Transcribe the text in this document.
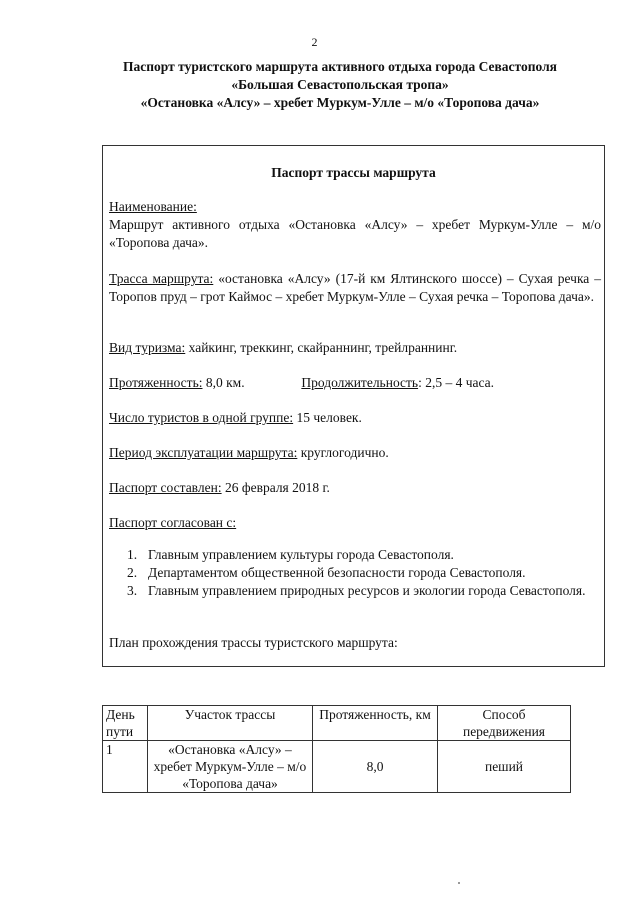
2
Паспорт туристского маршрута активного отдыха города Севастополя
«Большая Севастопольская тропа»
«Остановка «Алсу» – хребет Муркум-Улле – м/о «Торопова дача»
Паспорт трассы маршрута
Наименование:
Маршрут активного отдыха «Остановка «Алсу» – хребет Муркум-Улле – м/о «Торопова дача».
Трасса маршрута: «остановка «Алсу» (17-й км Ялтинского шоссе) – Сухая речка – Торопов пруд – грот Каймос – хребет Муркум-Улле – Сухая речка – Торопова дача».
Вид туризма: хайкинг, треккинг, скайраннинг, трейлраннинг.
Протяженность: 8,0 км.	Продолжительность: 2,5 – 4 часа.
Число туристов в одной группе: 15 человек.
Период эксплуатации маршрута: круглогодично.
Паспорт составлен: 26 февраля 2018 г.
Паспорт согласован с:
1. Главным управлением культуры города Севастополя.
2. Департаментом общественной безопасности города Севастополя.
3. Главным управлением природных ресурсов и экологии города Севастополя.
План прохождения трассы туристского маршрута:
День пути	Участок трассы	Протяженность, км	Способ передвижения
1	«Остановка «Алсу» – хребет Муркум-Улле – м/о «Торопова дача»	8,0	пеший
